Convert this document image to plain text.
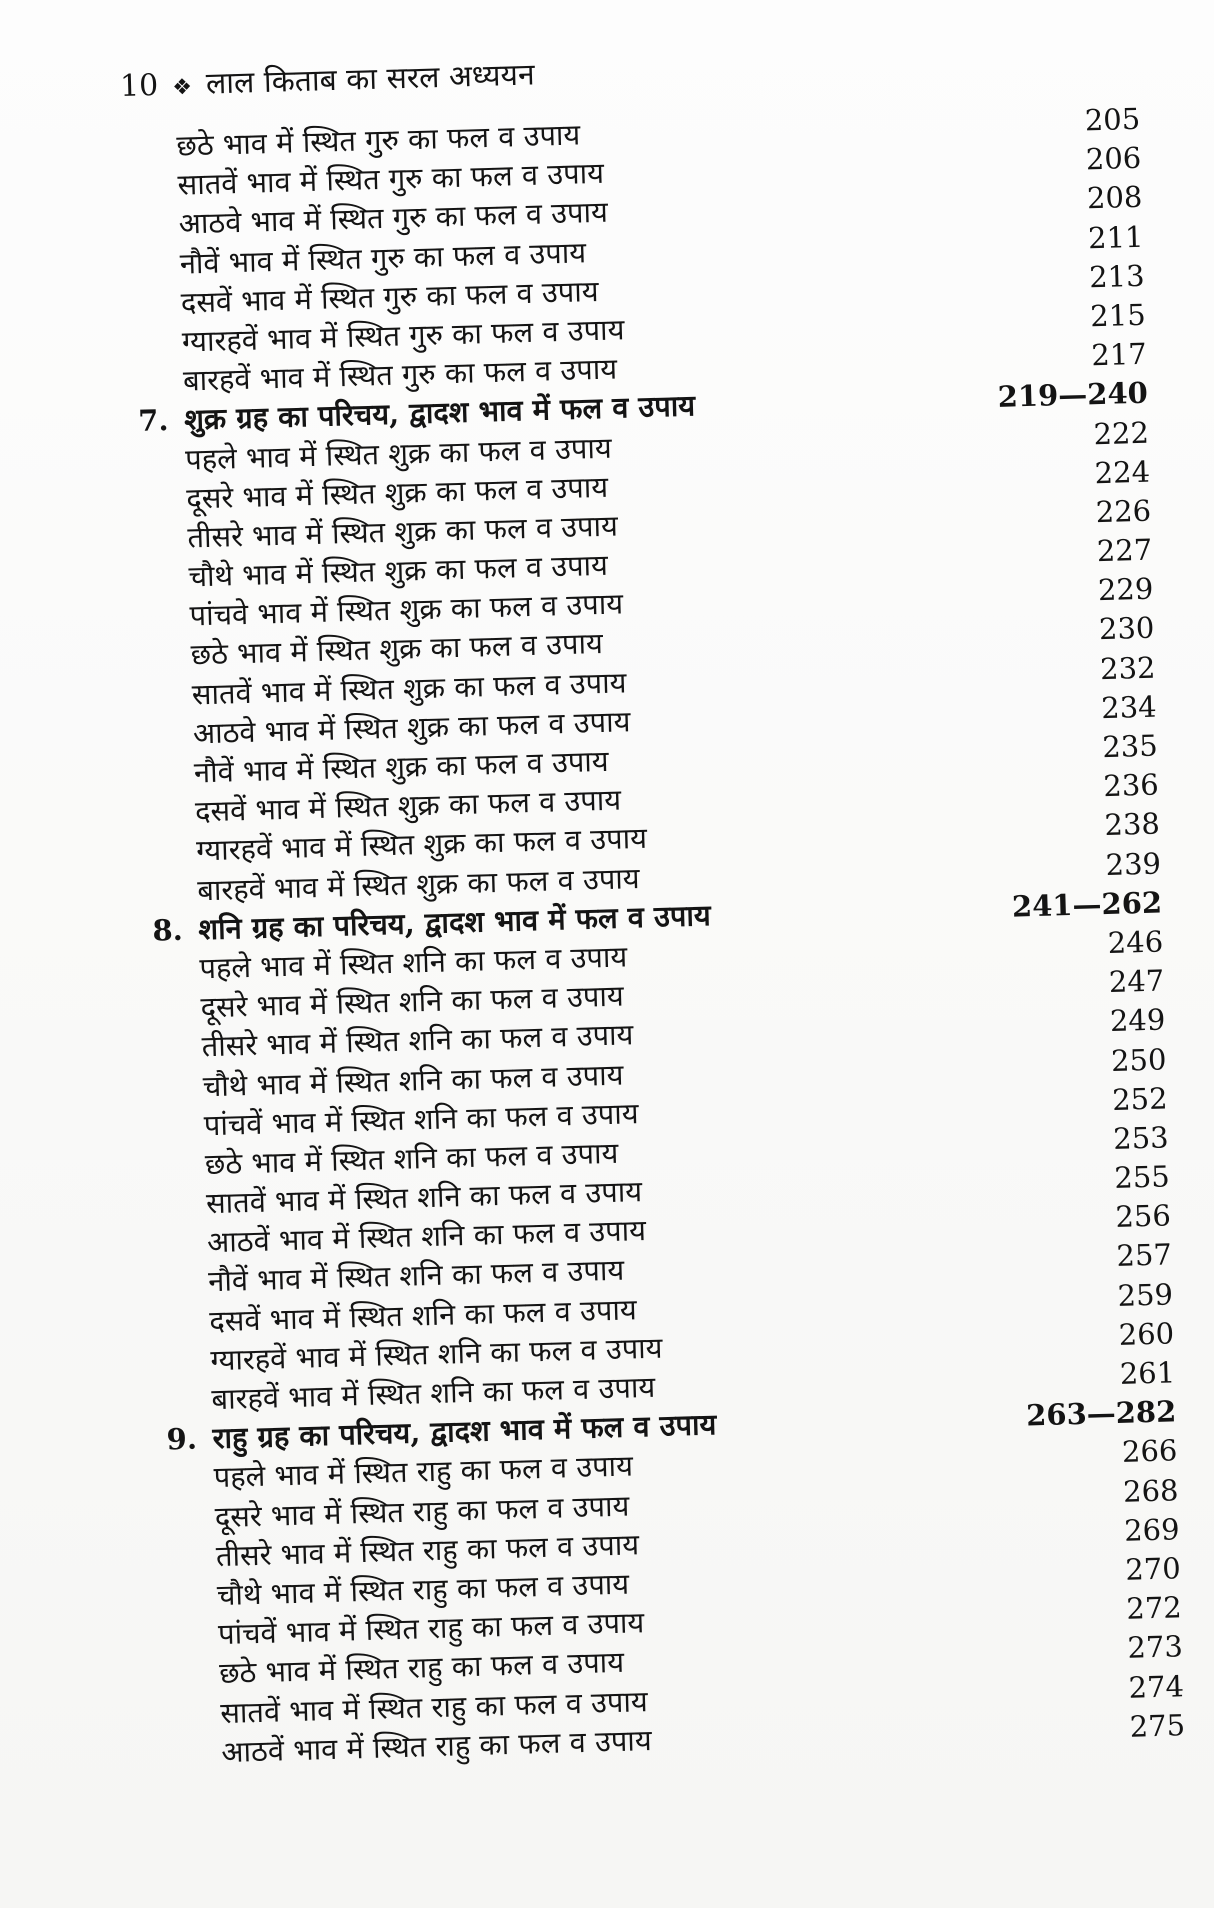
10 ❖ लाल किताब का सरल अध्ययन
छठे भाव में स्थित गुरु का फल व उपाय	205
सातवें भाव में स्थित गुरु का फल व उपाय	206
आठवे भाव में स्थित गुरु का फल व उपाय	208
नौवें भाव में स्थित गुरु का फल व उपाय	211
दसवें भाव में स्थित गुरु का फल व उपाय	213
ग्यारहवें भाव में स्थित गुरु का फल व उपाय	215
बारहवें भाव में स्थित गुरु का फल व उपाय	217
7. शुक्र ग्रह का परिचय, द्वादश भाव में फल व उपाय	219—240
पहले भाव में स्थित शुक्र का फल व उपाय	222
दूसरे भाव में स्थित शुक्र का फल व उपाय	224
तीसरे भाव में स्थित शुक्र का फल व उपाय	226
चौथे भाव में स्थित शुक्र का फल व उपाय	227
पांचवे भाव में स्थित शुक्र का फल व उपाय	229
छठे भाव में स्थित शुक्र का फल व उपाय	230
सातवें भाव में स्थित शुक्र का फल व उपाय	232
आठवे भाव में स्थित शुक्र का फल व उपाय	234
नौवें भाव में स्थित शुक्र का फल व उपाय	235
दसवें भाव में स्थित शुक्र का फल व उपाय	236
ग्यारहवें भाव में स्थित शुक्र का फल व उपाय	238
बारहवें भाव में स्थित शुक्र का फल व उपाय	239
8. शनि ग्रह का परिचय, द्वादश भाव में फल व उपाय	241—262
पहले भाव में स्थित शनि का फल व उपाय	246
दूसरे भाव में स्थित शनि का फल व उपाय	247
तीसरे भाव में स्थित शनि का फल व उपाय	249
चौथे भाव में स्थित शनि का फल व उपाय	250
पांचवें भाव में स्थित शनि का फल व उपाय	252
छठे भाव में स्थित शनि का फल व उपाय	253
सातवें भाव में स्थित शनि का फल व उपाय	255
आठवें भाव में स्थित शनि का फल व उपाय	256
नौवें भाव में स्थित शनि का फल व उपाय	257
दसवें भाव में स्थित शनि का फल व उपाय	259
ग्यारहवें भाव में स्थित शनि का फल व उपाय	260
बारहवें भाव में स्थित शनि का फल व उपाय	261
9. राहु ग्रह का परिचय, द्वादश भाव में फल व उपाय	263—282
पहले भाव में स्थित राहु का फल व उपाय	266
दूसरे भाव में स्थित राहु का फल व उपाय	268
तीसरे भाव में स्थित राहु का फल व उपाय	269
चौथे भाव में स्थित राहु का फल व उपाय	270
पांचवें भाव में स्थित राहु का फल व उपाय	272
छठे भाव में स्थित राहु का फल व उपाय	273
सातवें भाव में स्थित राहु का फल व उपाय	274
आठवें भाव में स्थित राहु का फल व उपाय	275
